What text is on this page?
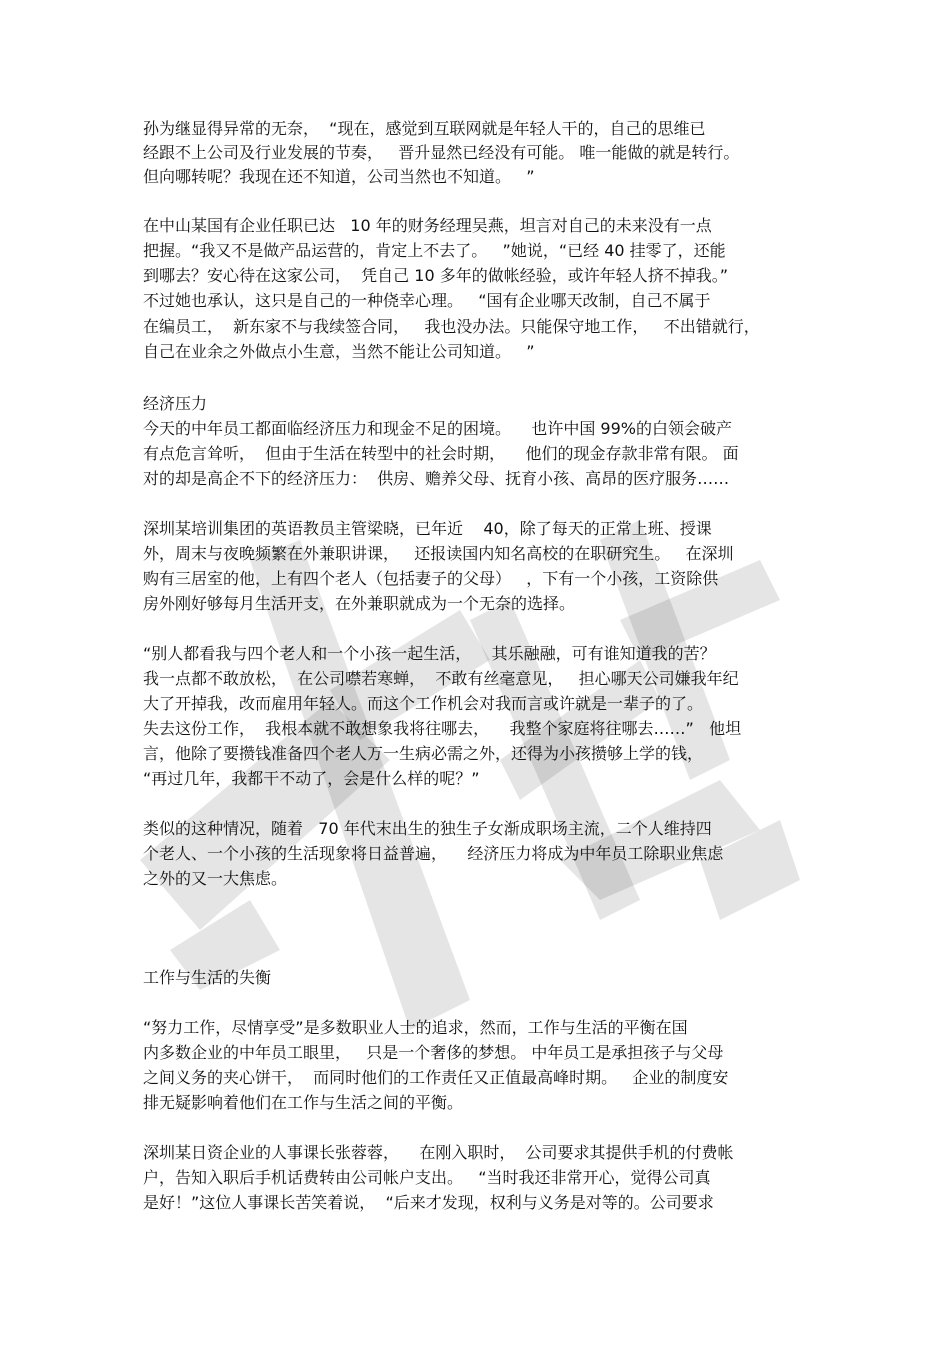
孙为继显得异常的无奈，  “现在，感觉到互联网就是年轻人干的，自己的思维已

经跟不上公司及行业发展的节奏，   晋升显然已经没有可能。 唯一能做的就是转行。

但向哪转呢？我现在还不知道，公司当然也不知道。   ”

在中山某国有企业任职已达   10 年的财务经理吴燕，坦言对自己的未来没有一点

把握。“我又不是做产品运营的，肯定上不去了。   ”她说，“已经 40 挂零了，还能

到哪去？安心待在这家公司，  凭自己 10 多年的做帐经验，或许年轻人挤不掉我。”

不过她也承认，这只是自己的一种侥幸心理。   “国有企业哪天改制，自己不属于

在编员工，  新东家不与我续签合同，   我也没办法。只能保守地工作，   不出错就行，

自己在业余之外做点小生意，当然不能让公司知道。   ”

经济压力

今天的中年员工都面临经济压力和现金不足的困境。    也许中国 99%的白领会破产

有点危言耸听，  但由于生活在转型中的社会时期，    他们的现金存款非常有限。 面

对的却是高企不下的经济压力：  供房、赡养父母、抚育小孩、高昂的医疗服务……

深圳某培训集团的英语教员主管梁晓，已年近    40，除了每天的正常上班、授课

外，周末与夜晚频繁在外兼职讲课，   还报读国内知名高校的在职研究生。   在深圳

购有三居室的他，上有四个老人（包括妻子的父母）   ，下有一个小孩，工资除供

房外刚好够每月生活开支，在外兼职就成为一个无奈的选择。

“别人都看我与四个老人和一个小孩一起生活，    其乐融融，可有谁知道我的苦？

我一点都不敢放松，  在公司噤若寒蝉，  不敢有丝毫意见，   担心哪天公司嫌我年纪

大了开掉我，改而雇用年轻人。而这个工作机会对我而言或许就是一辈子的了。

失去这份工作，  我根本就不敢想象我将往哪去，    我整个家庭将往哪去……”   他坦

言，他除了要攒钱准备四个老人万一生病必需之外，还得为小孩攒够上学的钱，

“再过几年，我都干不动了，会是什么样的呢？”

类似的这种情况，随着   70 年代末出生的独生子女渐成职场主流，二个人维持四

个老人、一个小孩的生活现象将日益普遍，    经济压力将成为中年员工除职业焦虑

之外的又一大焦虑。

工作与生活的失衡

“努力工作，尽情享受”是多数职业人士的追求，然而，工作与生活的平衡在国

内多数企业的中年员工眼里，   只是一个奢侈的梦想。 中年员工是承担孩子与父母

之间义务的夹心饼干，  而同时他们的工作责任又正值最高峰时期。   企业的制度安

排无疑影响着他们在工作与生活之间的平衡。

深圳某日资企业的人事课长张蓉蓉，    在刚入职时，  公司要求其提供手机的付费帐

户，告知入职后手机话费转由公司帐户支出。   “当时我还非常开心，觉得公司真

是好！”这位人事课长苦笑着说，  “后来才发现，权利与义务是对等的。公司要求
